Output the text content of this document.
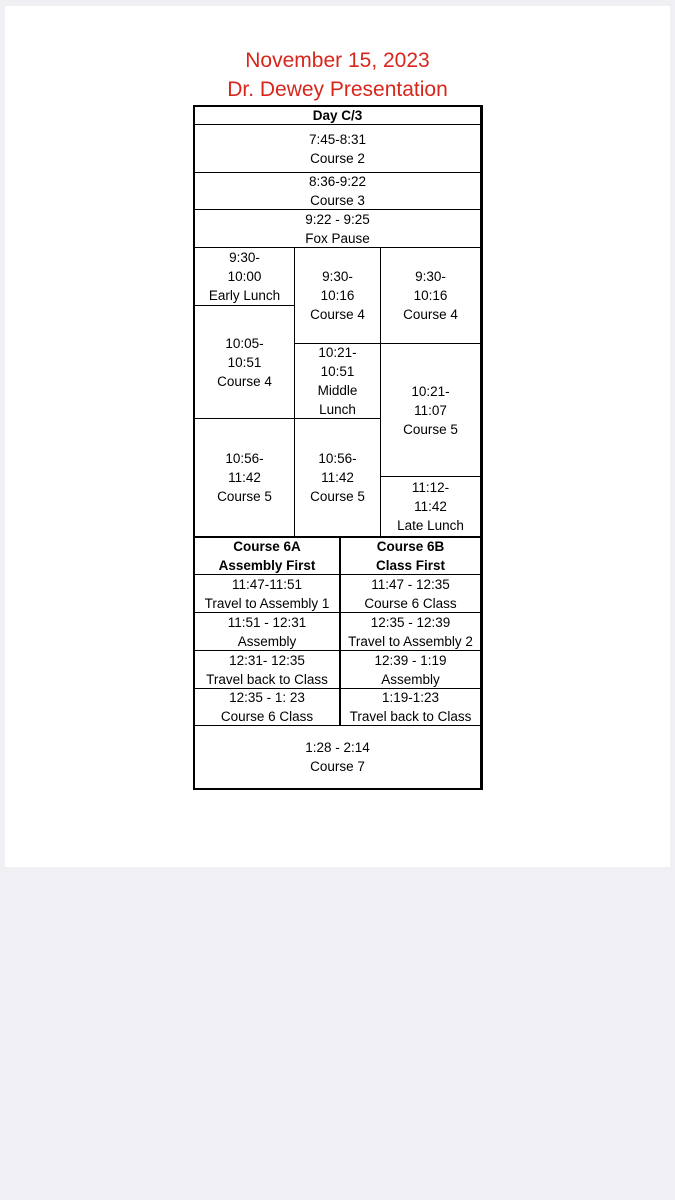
November 15, 2023
Dr. Dewey Presentation
Day C/3
7:45-8:31
Course 2
8:36-9:22
Course 3
9:22 - 9:25
Fox Pause
9:30-
10:00
Early Lunch
10:05-
10:51
Course 4
10:56-
11:42
Course 5
9:30-
10:16
Course 4
10:21-
10:51
Middle
Lunch
10:56-
11:42
Course 5
9:30-
10:16
Course 4
10:21-
11:07
Course 5
11:12-
11:42
Late Lunch
Course 6A
Assembly First
Course 6B
Class First
11:47-11:51
Travel to Assembly 1
11:51 - 12:31
Assembly
12:31- 12:35
Travel back to Class
12:35 - 1: 23
Course 6 Class
11:47 - 12:35
Course 6 Class
12:35 - 12:39
Travel to Assembly 2
12:39 - 1:19
Assembly
1:19-1:23
Travel back to Class
1:28 - 2:14
Course 7
